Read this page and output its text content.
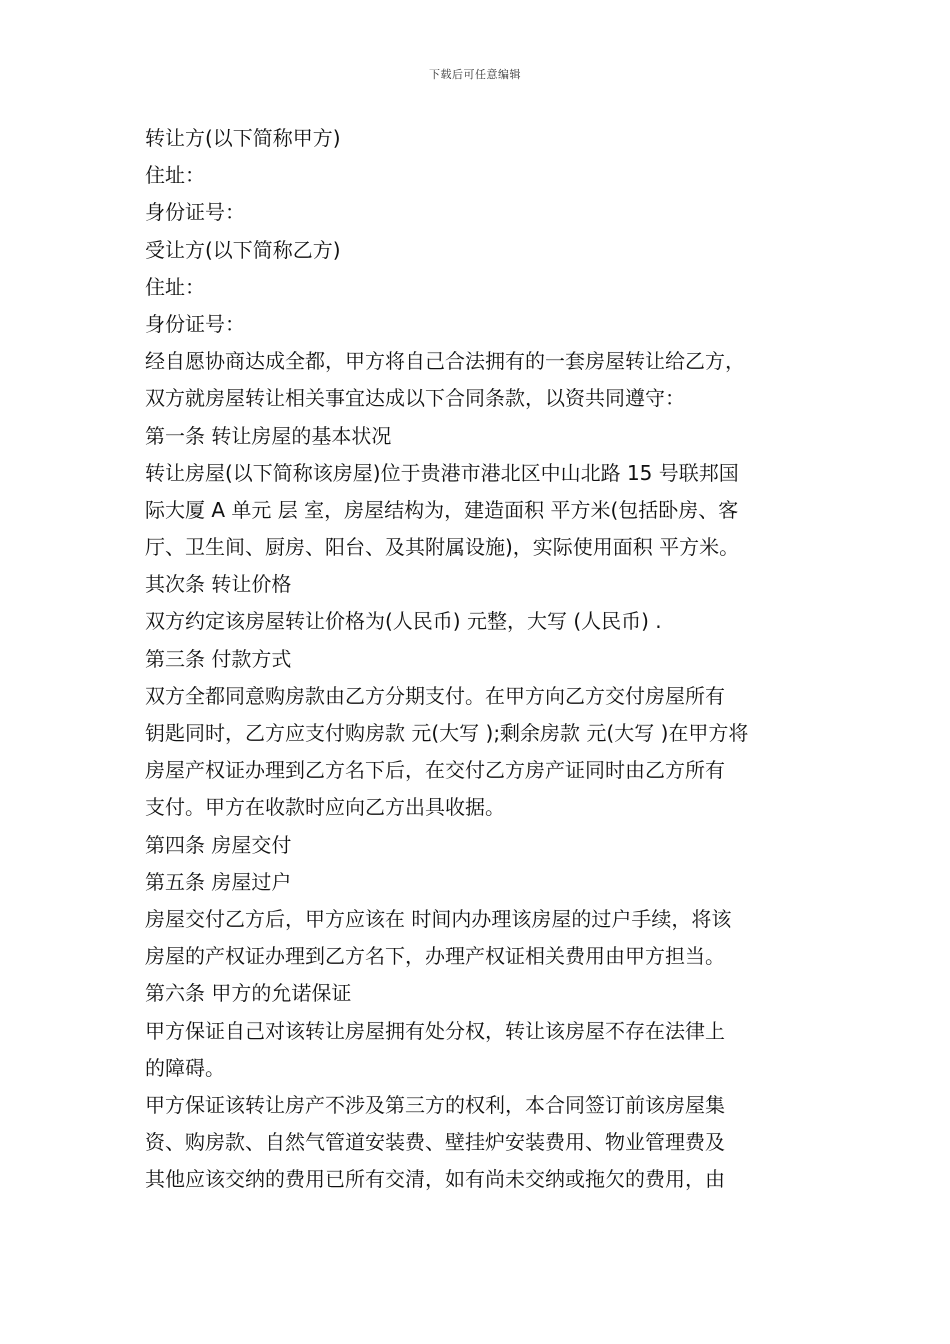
下载后可任意编辑
转让方(以下简称甲方)
住址：
身份证号：
受让方(以下简称乙方)
住址：
身份证号：
经自愿协商达成全都，甲方将自己合法拥有的一套房屋转让给乙方，
双方就房屋转让相关事宜达成以下合同条款，以资共同遵守：
第一条 转让房屋的基本状况
转让房屋(以下简称该房屋)位于贵港市港北区中山北路 15 号联邦国
际大厦 A 单元 层 室，房屋结构为，建造面积 平方米(包括卧房、客
厅、卫生间、厨房、阳台、及其附属设施)，实际使用面积 平方米。
其次条 转让价格
双方约定该房屋转让价格为(人民币) 元整，大写 (人民币) .
第三条 付款方式
双方全都同意购房款由乙方分期支付。在甲方向乙方交付房屋所有
钥匙同时，乙方应支付购房款 元(大写 );剩余房款 元(大写 )在甲方将
房屋产权证办理到乙方名下后，在交付乙方房产证同时由乙方所有
支付。甲方在收款时应向乙方出具收据。
第四条 房屋交付
第五条 房屋过户
房屋交付乙方后，甲方应该在 时间内办理该房屋的过户手续，将该
房屋的产权证办理到乙方名下，办理产权证相关费用由甲方担当。
第六条 甲方的允诺保证
甲方保证自己对该转让房屋拥有处分权，转让该房屋不存在法律上
的障碍。
甲方保证该转让房产不涉及第三方的权利，本合同签订前该房屋集
资、购房款、自然气管道安装费、壁挂炉安装费用、物业管理费及
其他应该交纳的费用已所有交清，如有尚未交纳或拖欠的费用，由
